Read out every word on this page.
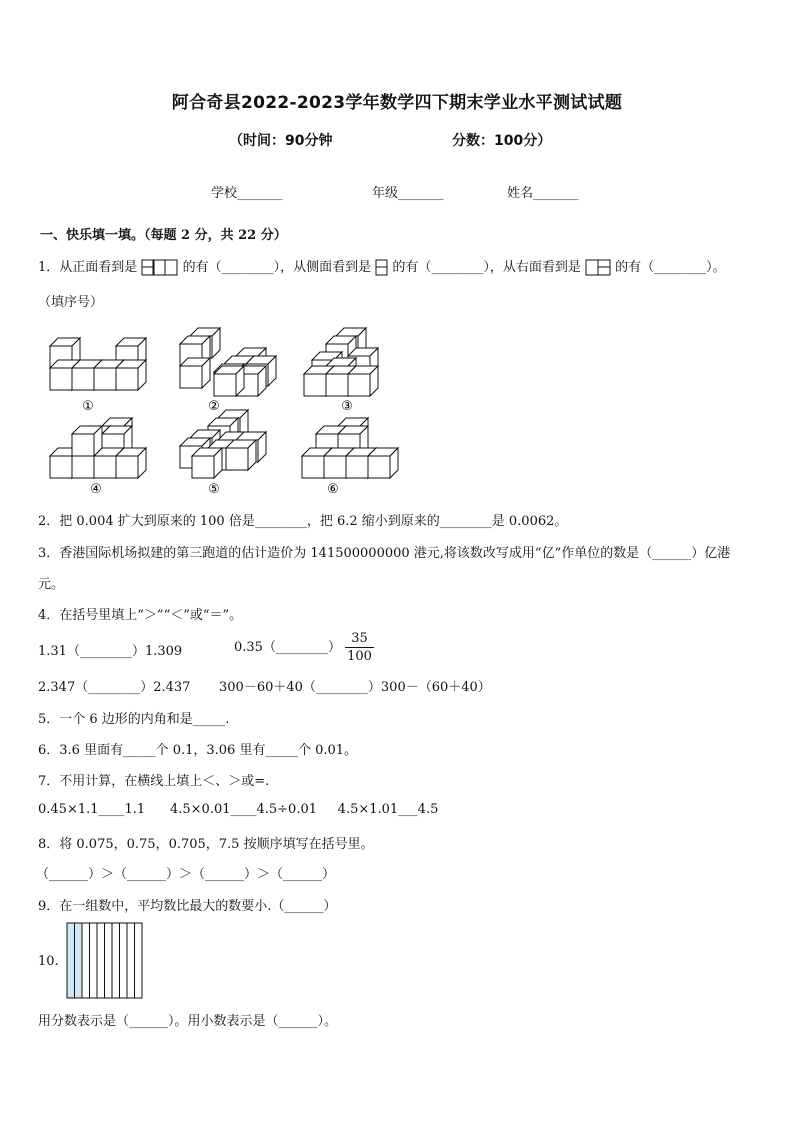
阿合奇县2022-2023学年数学四下期末学业水平测试试题
（时间：90分钟	分数：100分）
学校_______	年级_______	姓名_______
一、快乐填一填。（每题 2 分，共 22 分）
1．从正面看到是	的有（________），从侧面看到是 的有（________），从右面看到是	的有（________）。
（填序号）
①	②	③
④	⑤	⑥
2．把 0.004 扩大到原来的 100 倍是________，把 6.2 缩小到原来的________是 0.0062。
3．香港国际机场拟建的第三跑道的估计造价为 141500000000 港元,将该数改写成用“亿”作单位的数是（______）亿港
元。
4．在括号里填上“＞”“＜”或“＝”。
1.31（________）1.309	0.35（________） $\frac{35}{100}$
2.347（________）2.437 300－60＋40（________）300－（60＋40）
5．一个 6 边形的内角和是_____.
6．3.6 里面有_____个 0.1，3.06 里有_____个 0.01。
7．不用计算，在横线上填上＜、＞或=.
0.45×1.1____1.1      4.5×0.01____4.5÷0.01     4.5×1.01___4.5
8．将 0.075，0.75，0.705，7.5 按顺序填写在括号里。
（______）＞（______）＞（______）＞（______）
9．在一组数中，平均数比最大的数要小.（______）
10.
用分数表示是（______）。用小数表示是（______）。
